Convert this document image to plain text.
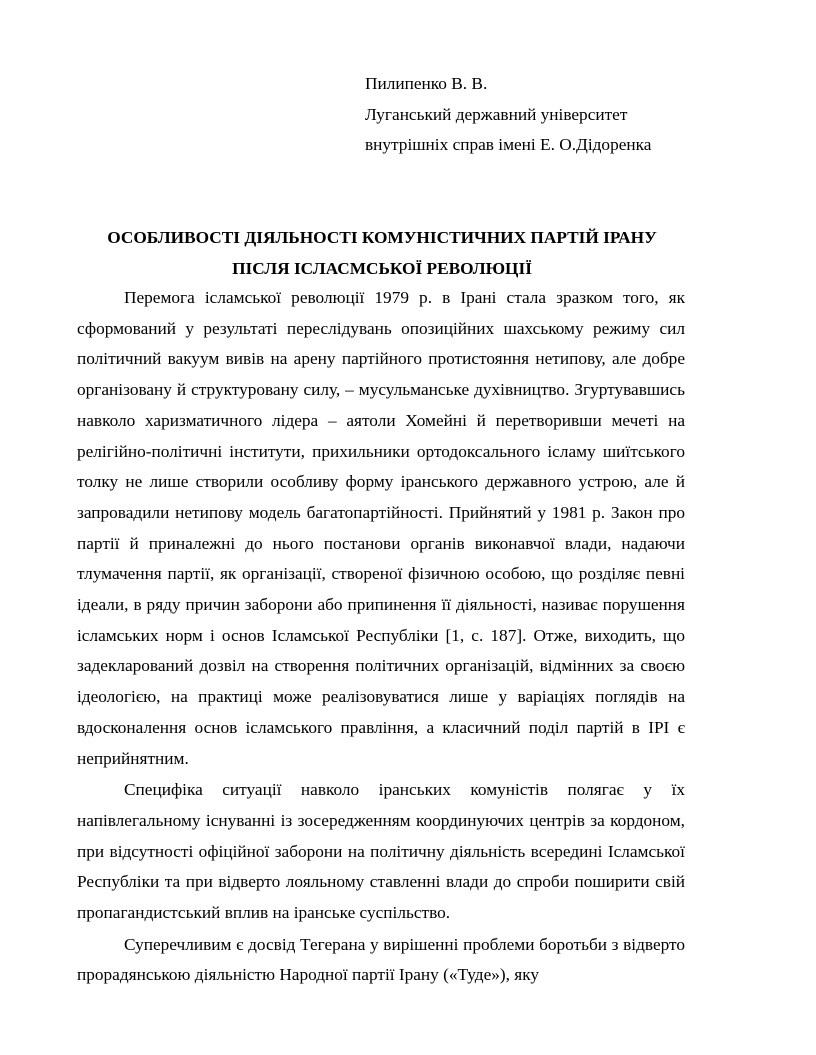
Пилипенко В. В.
Луганський державний університет
внутрішніх справ імені Е. О.Дідоренка
ОСОБЛИВОСТІ ДІЯЛЬНОСТІ КОМУНІСТИЧНИХ ПАРТІЙ ІРАНУ
ПІСЛЯ ІСЛАСМСЬКОЇ РЕВОЛЮЦІЇ

Перемога ісламської революції 1979 р. в Ірані стала зразком того, як сформований у результаті переслідувань опозиційних шахському режиму сил політичний вакуум вивів на арену партійного протистояння нетипову, але добре організовану й структуровану силу, – мусульманське духівництво. Згуртувавшись навколо харизматичного лідера – аятоли Хомейні й перетворивши мечеті на релігійно-політичні інститути, прихильники ортодоксального ісламу шиїтського толку не лише створили особливу форму іранського державного устрою, але й запровадили нетипову модель багатопартійності. Прийнятий у 1981 р. Закон про партії й приналежні до нього постанови органів виконавчої влади, надаючи тлумачення партії, як організації, створеної фізичною особою, що розділяє певні ідеали, в ряду причин заборони або припинення її діяльності, називає порушення ісламських норм і основ Ісламської Республіки [1, с. 187]. Отже, виходить, що задекларований дозвіл на створення політичних організацій, відмінних за своєю ідеологією, на практиці може реалізовуватися лише у варіаціях поглядів на вдосконалення основ ісламського правління, а класичний поділ партій в ІРІ є неприйнятним.

Специфіка ситуації навколо іранських комуністів полягає у їх напівлегальному існуванні із зосередженням координуючих центрів за кордоном, при відсутності офіційної заборони на політичну діяльність всередині Ісламської Республіки та при відверто лояльному ставленні влади до спроби поширити свій пропагандистський вплив на іранське суспільство.

Суперечливим є досвід Тегерана у вирішенні проблеми боротьби з відверто прорадянською діяльністю Народної партії Ірану («Туде»), яку
